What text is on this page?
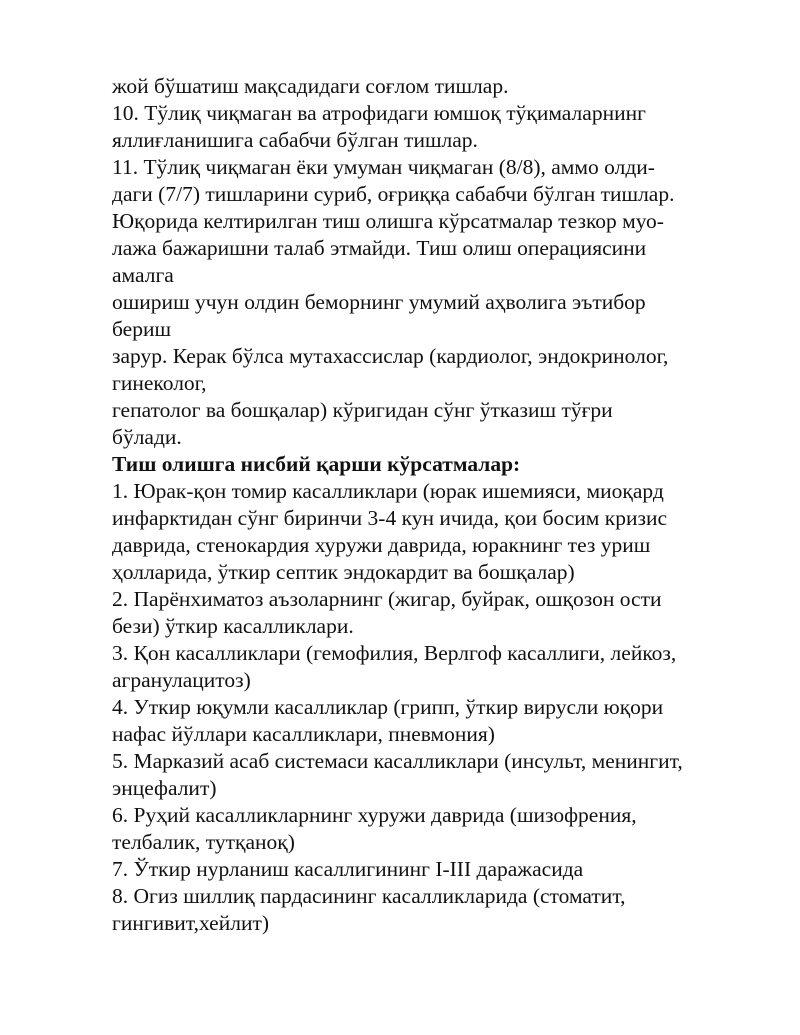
жой бўшатиш мақсадидаги соғлом тишлар.
10. Тўлиқ чиқмаган ва атрофидаги юмшоқ тўқималарнинг
яллиғланишига сабабчи бўлган тишлар.
11. Тўлиқ чиқмаган ёки умуман чиқмаган (8/8), аммо олди-
даги (7/7) тишларини суриб, оғриққа сабабчи бўлган тишлар.
Юқорида келтирилган тиш олишга кўрсатмалар тезкор муо-
лажа бажаришни талаб этмайди. Тиш олиш операциясини
амалга
ошириш учун олдин беморнинг умумий аҳволига эътибор
бериш
зарур. Керак бўлса мутахассислар (кардиолог, эндокринолог,
гинеколог,
гепатолог ва бошқалар) кўригидан сўнг ўтказиш тўғри
бўлади.
Тиш олишга нисбий қарши кўрсатмалар:
1. Юрак-қон томир касалликлари (юрак ишемияси, миоқард
инфарктидан сўнг биринчи 3-4 кун ичида, қои босим кризис
даврида, стенокардия хуружи даврида, юракнинг тез уриш
ҳолларида, ўткир септик эндокардит ва бошқалар)
2. Парёнхиматоз аъзоларнинг (жигар, буйрак, ошқозон ости
бези) ўткир касалликлари.
3. Қон касалликлари (гемофилия, Верлгоф касаллиги, лейкоз,
агранулацитоз)
4. Уткир юқумли касалликлар (грипп, ўткир вирусли юқори
нафас йўллари касалликлари, пневмония)
5. Марказий асаб системаси касалликлари (инсульт, менингит,
энцефалит)
6. Руҳий касалликларнинг хуружи даврида (шизофрения,
телбалик, тутқаноқ)
7. Ўткир нурланиш касаллигининг I-III даражасида
8. Огиз шиллиқ пардасининг касалликларида (стоматит,
гингивит,хейлит)
